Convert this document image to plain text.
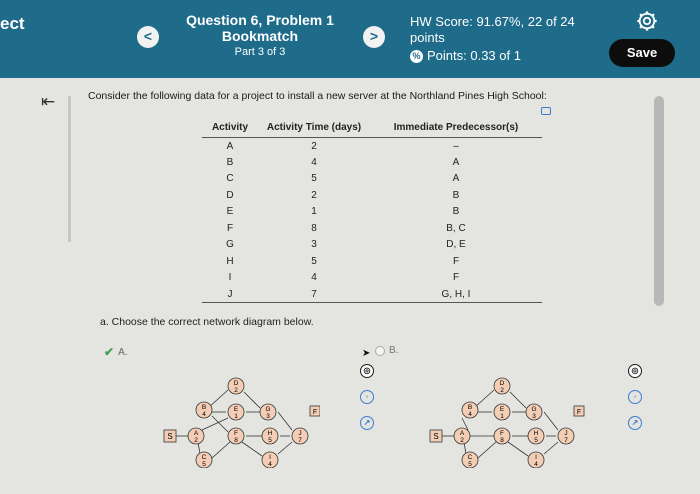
ect
<
Question 6, Problem 1
Bookmatch
Part 3 of 3
>
HW Score: 91.67%, 22 of 24
points
% Points: 0.33 of 1	Save
⇤	Consider the following data for a project to install a new server at the Northland Pines High School:
Activity	Activity Time (days)	Immediate Predecessor(s)
A	2	–
B	4	A
C	5	A
D	2	B
E	1	B
F	8	B, C
G	3	D, E
H	5	F
I	4	F
J	7	G, H, I
a. Choose the correct network diagram below.
✔ A.	B.
➤
◎
◦
↗
◎
◦
↗
S	A
2
B
4
C
5
D
2
E
1
F
8
G
3
H
5
I
4
J
7
F
S	A
2
B
4
C
5
D
2
E
1
F
8
G
3
H
5
I
4
J
7
F
